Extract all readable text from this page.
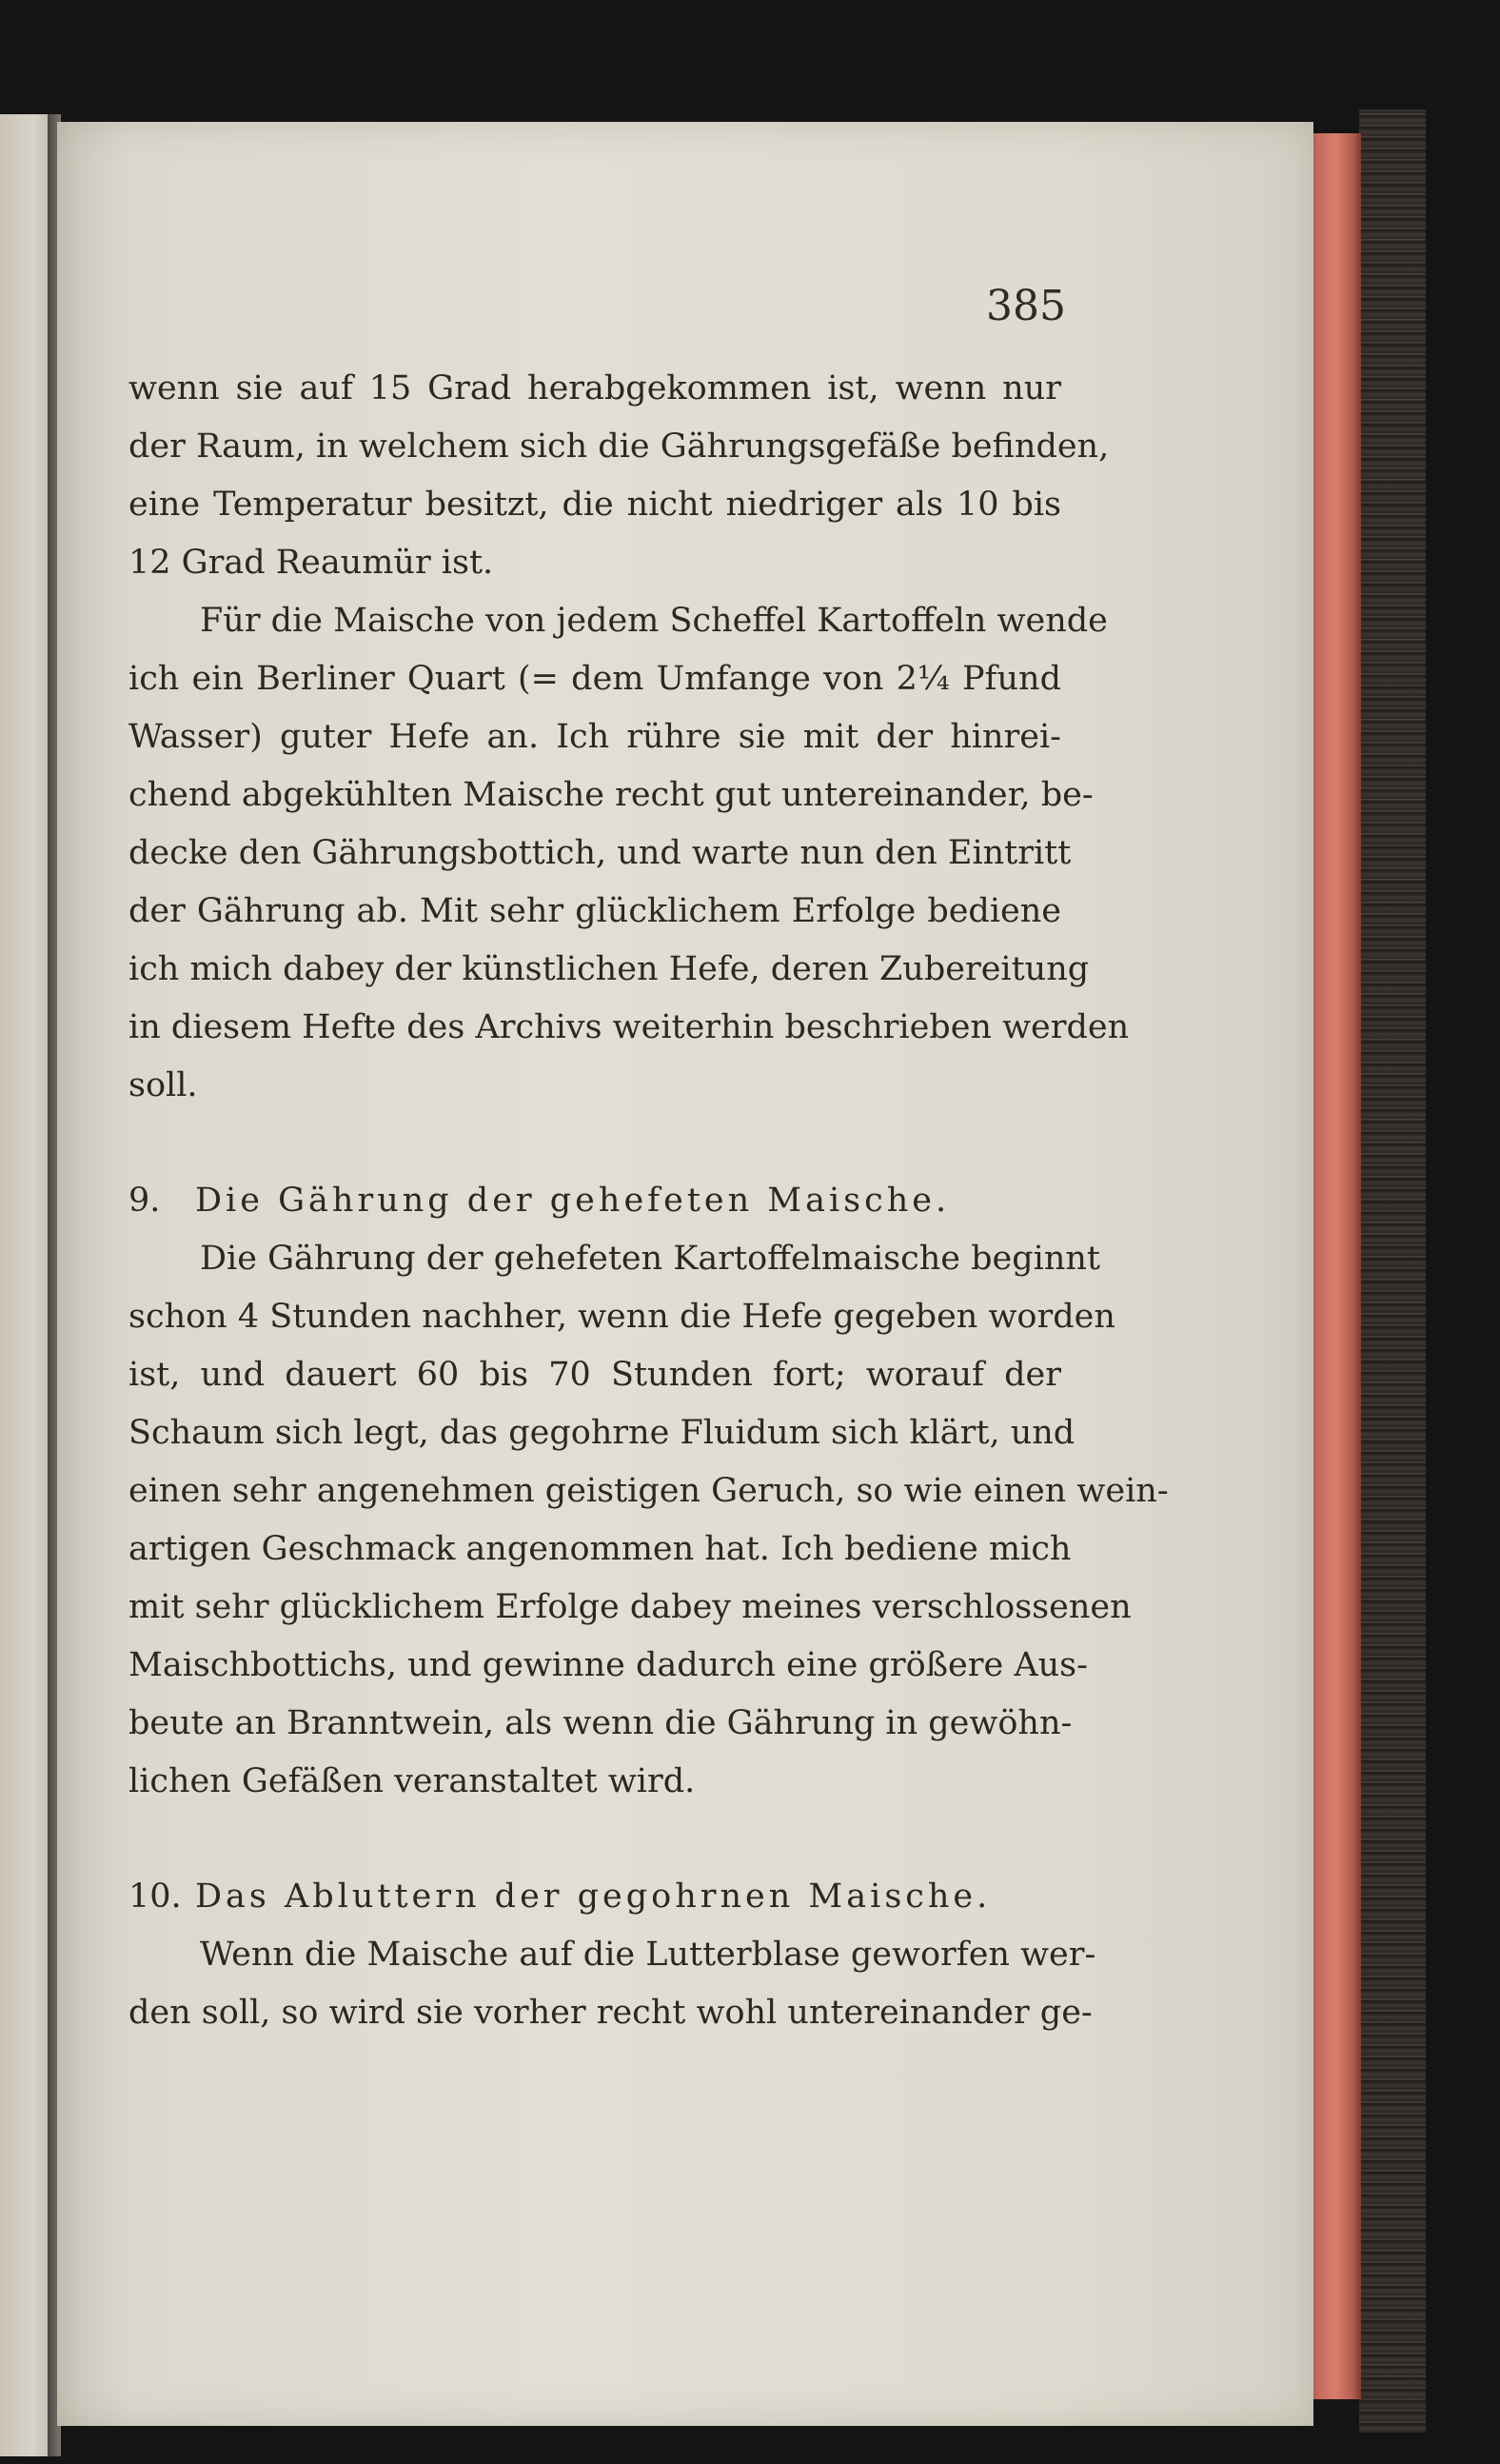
385
wenn sie auf 15 Grad herabgekommen ist, wenn nur
der Raum, in welchem sich die Gährungsgefäße befinden,
eine Temperatur besitzt, die nicht niedriger als 10 bis
12 Grad Reaumür ist.
Für die Maische von jedem Scheffel Kartoffeln wende
ich ein Berliner Quart (= dem Umfange von 2¼ Pfund
Wasser) guter Hefe an. Ich rühre sie mit der hinrei-
chend abgekühlten Maische recht gut untereinander, be-
decke den Gährungsbottich, und warte nun den Eintritt
der Gährung ab. Mit sehr glücklichem Erfolge bediene
ich mich dabey der künstlichen Hefe, deren Zubereitung
in diesem Hefte des Archivs weiterhin beschrieben werden
soll.
9. Die Gährung der gehefeten Maische.
Die Gährung der gehefeten Kartoffelmaische beginnt
schon 4 Stunden nachher, wenn die Hefe gegeben worden
ist, und dauert 60 bis 70 Stunden fort; worauf der
Schaum sich legt, das gegohrne Fluidum sich klärt, und
einen sehr angenehmen geistigen Geruch, so wie einen wein-
artigen Geschmack angenommen hat. Ich bediene mich
mit sehr glücklichem Erfolge dabey meines verschlossenen
Maischbottichs, und gewinne dadurch eine größere Aus-
beute an Branntwein, als wenn die Gährung in gewöhn-
lichen Gefäßen veranstaltet wird.
10. Das Abluttern der gegohrnen Maische.
Wenn die Maische auf die Lutterblase geworfen wer-
den soll, so wird sie vorher recht wohl untereinander ge-
